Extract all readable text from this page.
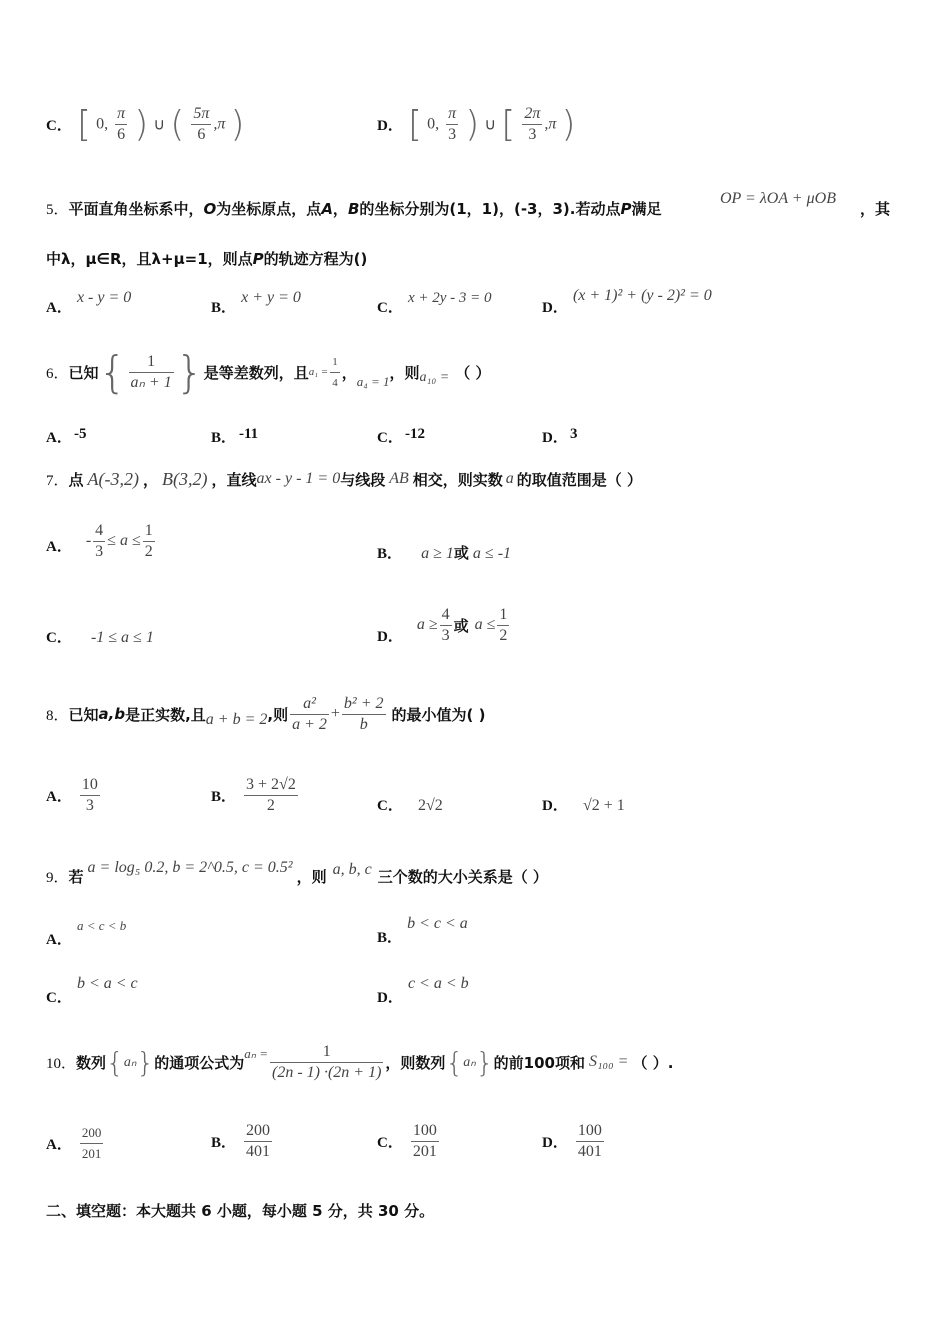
C． [ 0, $\frac{\pi}{6}$ ) ∪ ( $\frac{5\pi}{6} ,\pi$ )	D． [ 0, $\frac{\pi}{3}$ ) ∪ [ $\frac{2\pi}{3} ,\pi$ )
5．平面直角坐标系中，O为坐标原点，点A，B的坐标分别为(1，1)，(-3，3).若动点P满足
OP = λOA + μOB
，其
中λ，μ∈R，且λ+μ=1，则点P的轨迹方程为()
A． x - y = 0
B． x + y = 0
C． x + 2y - 3 = 0
D． (x + 1)² + (y - 2)² = 0
6． 已知 { $\frac{1}{\text{aₙ + 1}}$ } 是等差数列，且 $a_1 = \frac{1}{4}$ ， a₄ = 1 ，则 a₁₀ = （ ）
A． -5	B． -11	C． -12	D． 3
7． 点 A(-3,2) ， B(3,2) ，直线 ax - y - 1 = 0 与线段 AB 相交，则实数 a 的取值范围是（ ）
A． - $\frac{4}{3} \le a \le \frac{1}{2}$	B． a ≥ 1或 a ≤ -1
C． -1 ≤ a ≤ 1	D．
$a \ge \frac{4}{3}$ 或 $a \le \frac{1}{2}$
8． 已知 a,b 是正实数,且 a + b = 2 ,则 $\frac{\text{a²}}{a + 2} + \frac{\text{b² + 2}}{b}$ 的最小值为( )
A． $\frac{10}{3}$	B． $\frac{3 + 2√2}{2}$	C． 2√2	D． √2 + 1
9． 若 a = log₅ 0.2, b = 2^0.5, c = 0.5² ，则 a, b, c 三个数的大小关系是（ ）
A． a < c < b
B． b < c < a
C． b < a < c
D． c < a < b
10． 数列 { aₙ } 的通项公式为 $a_n = \frac{1}{(2n - 1) \cdot(2n + 1)}$ ，则数列 { aₙ } 的前100项和 S₁₀₀ = （ ）.
A． $\frac{200}{201}$	B． $\frac{200}{401}$	C． $\frac{100}{201}$	D． $\frac{100}{401}$
二、填空题：本大题共 6 小题，每小题 5 分，共 30 分。
